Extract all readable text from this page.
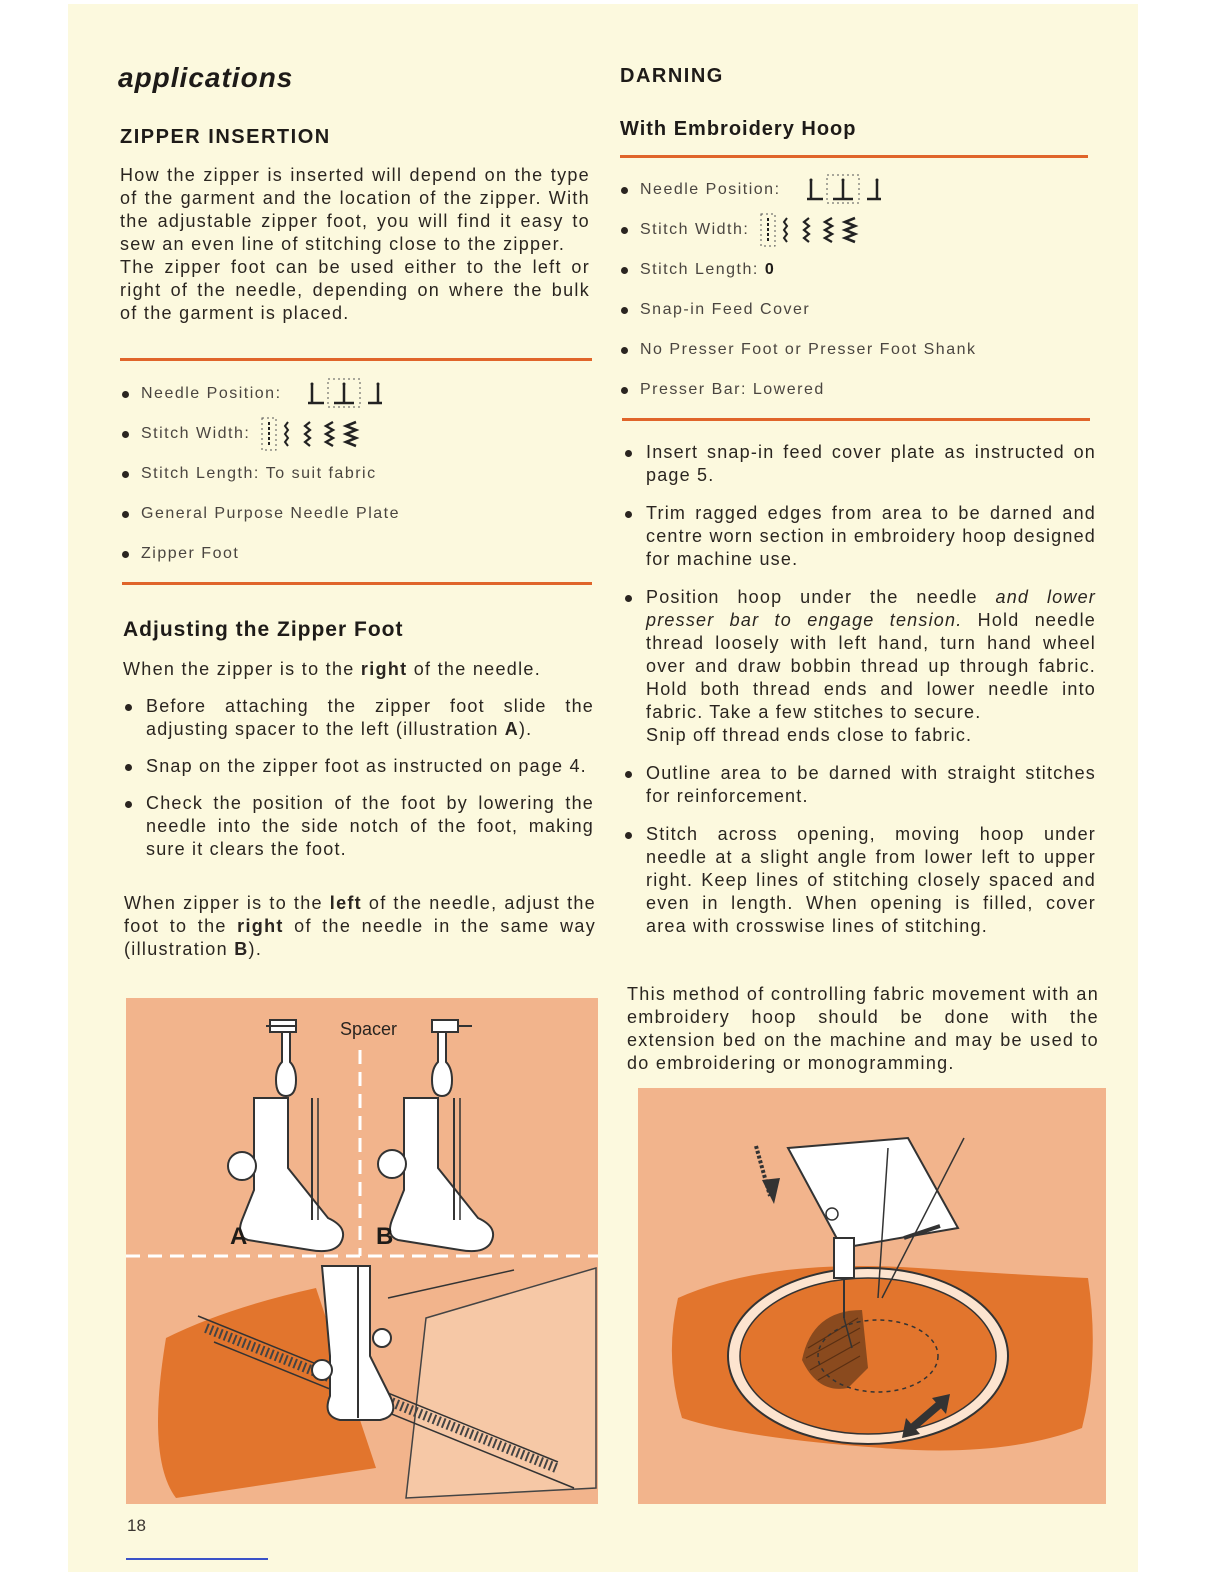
applications
ZIPPER INSERTION
How the zipper is inserted will depend on the type of the garment and the location of the zipper. With the adjustable zipper foot, you will find it easy to sew an even line of stitching close to the zipper.
The zipper foot can be used either to the left or right of the needle, depending on where the bulk of the garment is placed.
Needle Position:
Stitch Width:
Stitch Length:
To suit fabric
General Purpose Needle Plate
Zipper Foot
Adjusting the Zipper Foot
When the zipper is to the right of the needle.
Before attaching the zipper foot slide the adjusting spacer to the left (illustration A).
Snap on the zipper foot as instructed on page 4.
Check the position of the foot by lowering the needle into the side notch of the foot, making sure it clears the foot.
When zipper is to the left of the needle, adjust the foot to the right of the needle in the same way (illustration B).
Spacer
A	B
18
DARNING
With Embroidery Hoop
Needle Position:
Stitch Width:
Stitch Length: 0
Snap-in Feed Cover
No Presser Foot or Presser Foot Shank
Presser Bar: Lowered
Insert snap-in feed cover plate as instructed on page 5.
Trim ragged edges from area to be darned and centre worn section in embroidery hoop designed for machine use.
Position hoop under the needle and lower presser bar to engage tension. Hold needle thread loosely with left hand, turn hand wheel over and draw bobbin thread up through fabric. Hold both thread ends and lower needle into fabric. Take a few stitches to secure.
Snip off thread ends close to fabric.
Outline area to be darned with straight stitches for reinforcement.
Stitch across opening, moving hoop under needle at a slight angle from lower left to upper right. Keep lines of stitching closely spaced and even in length. When opening is filled, cover area with crosswise lines of stitching.
This method of controlling fabric movement with an embroidery hoop should be done with the extension bed on the machine and may be used to do embroidering or monogramming.
